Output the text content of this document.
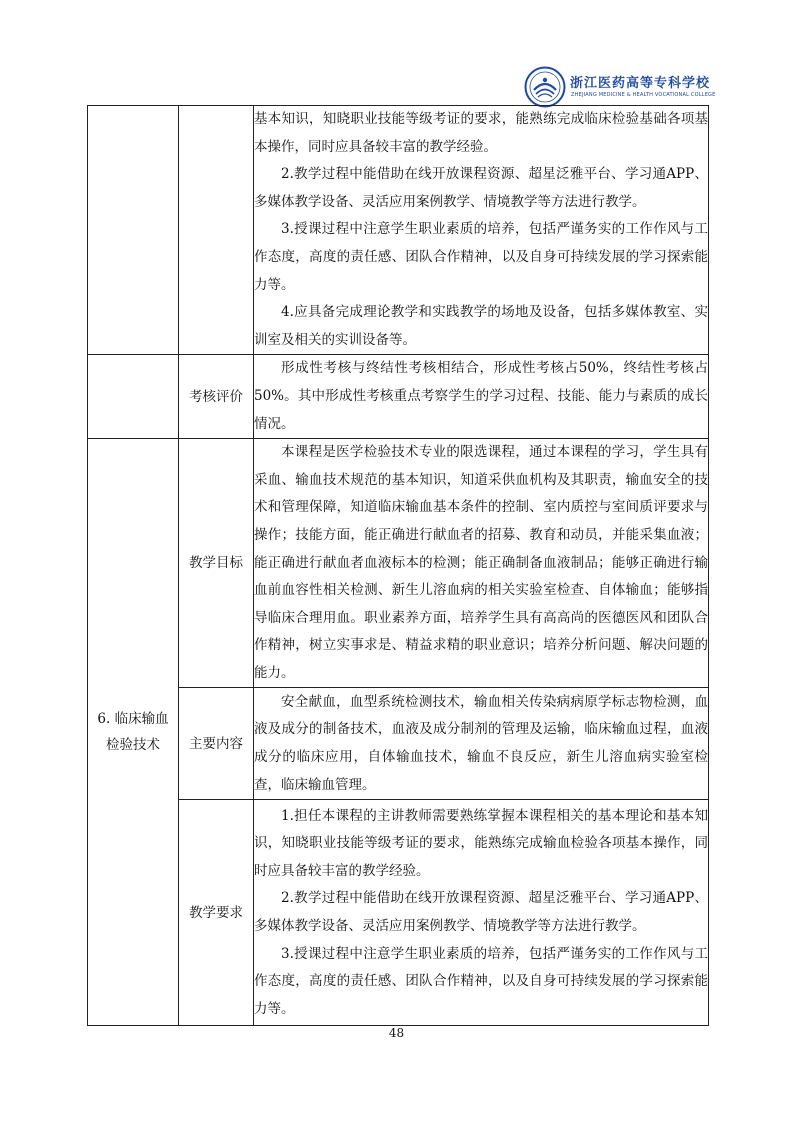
浙江医药高等专科学校
ZHEJIANG MEDICINE & HEALTH VOCATIONAL COLLEGE

		基本知识，知晓职业技能等级考证的要求，能熟练完成临床检验基础各项基本操作，同时应具备较丰富的教学经验。

2.教学过程中能借助在线开放课程资源、超星泛雅平台、学习通APP、多媒体教学设备、灵活应用案例教学、情境教学等方法进行教学。

3.授课过程中注意学生职业素质的培养，包括严谨务实的工作作风与工作态度，高度的责任感、团队合作精神，以及自身可持续发展的学习探索能力等。

4.应具备完成理论教学和实践教学的场地及设备，包括多媒体教室、实训室及相关的实训设备等。

	考核评价	形成性考核与终结性考核相结合，形成性考核占50%，终结性考核占50%。其中形成性考核重点考察学生的学习过程、技能、能力与素质的成长情况。

6. 临床输血
检验技术	教学目标	本课程是医学检验技术专业的限选课程，通过本课程的学习，学生具有采血、输血技术规范的基本知识，知道采供血机构及其职责，输血安全的技术和管理保障，知道临床输血基本条件的控制、室内质控与室间质评要求与操作；技能方面，能正确进行献血者的招募、教育和动员，并能采集血液；能正确进行献血者血液标本的检测；能正确制备血液制品；能够正确进行输血前血容性相关检测、新生儿溶血病的相关实验室检查、自体输血；能够指导临床合理用血。职业素养方面，培养学生具有高高尚的医德医风和团队合作精神，树立实事求是、精益求精的职业意识；培养分析问题、解决问题的能力。

	主要内容	安全献血，血型系统检测技术，输血相关传染病病原学标志物检测，血液及成分的制备技术，血液及成分制剂的管理及运输，临床输血过程，血液成分的临床应用，自体输血技术，输血不良反应，新生儿溶血病实验室检查，临床输血管理。

	教学要求	1.担任本课程的主讲教师需要熟练掌握本课程相关的基本理论和基本知识，知晓职业技能等级考证的要求，能熟练完成输血检验各项基本操作，同时应具备较丰富的教学经验。

2.教学过程中能借助在线开放课程资源、超星泛雅平台、学习通APP、多媒体教学设备、灵活应用案例教学、情境教学等方法进行教学。

3.授课过程中注意学生职业素质的培养，包括严谨务实的工作作风与工作态度，高度的责任感、团队合作精神，以及自身可持续发展的学习探索能力等。

48
